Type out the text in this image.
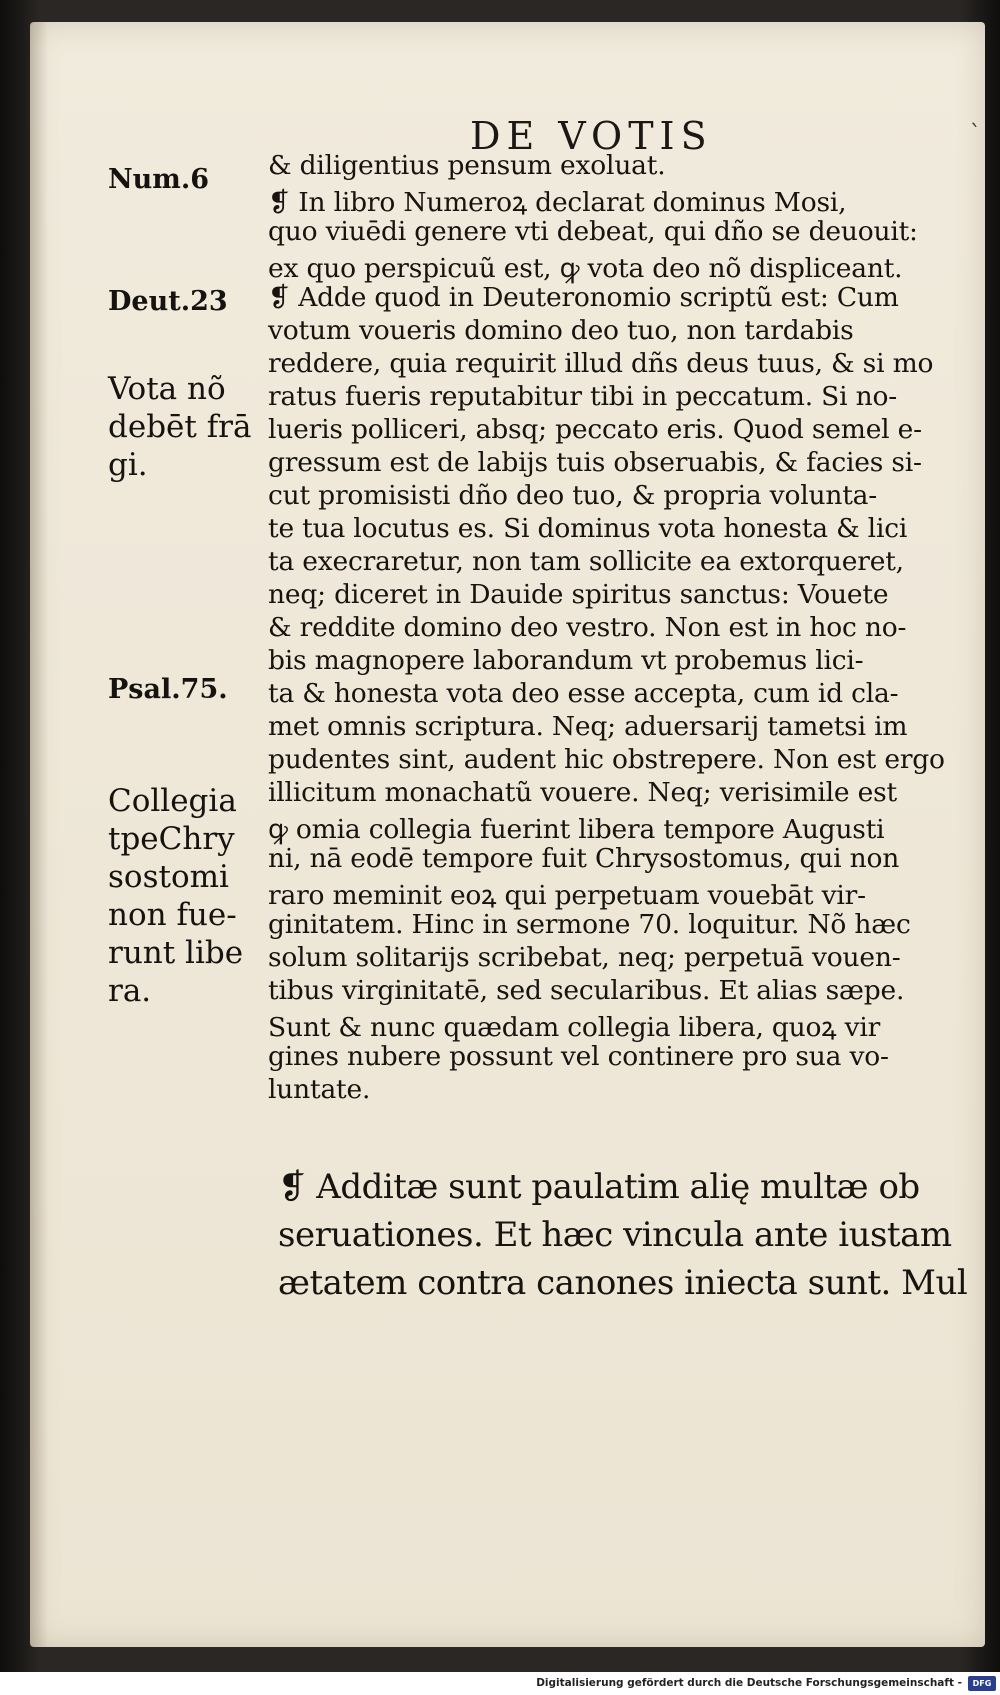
DE VOTIS	ˋ

Num.6

Deut.23

Vota nõ
debēt frā
gi.

Psal.75.

Collegia
tpeChry
sostomi
non fue-
runt libe
ra.

& diligentius pensum exoluat.

❡ In libro Numeroꝝ declarat dominus Mosi,

quo viuēdi genere vti debeat, qui dño se deuouit:

ex quo perspicuũ est, ꝙ vota deo nõ displiceant.

❡ Adde quod in Deuteronomio scriptũ est: Cum

votum voueris domino deo tuo, non tardabis

reddere, quia requirit illud dñs deus tuus, & si mo

ratus fueris reputabitur tibi in peccatum. Si no-

lueris polliceri, absq; peccato eris. Quod semel e-

gressum est de labijs tuis obseruabis, & facies si-

cut promisisti dño deo tuo, & propria volunta-

te tua locutus es. Si dominus vota honesta & lici

ta execraretur, non tam sollicite ea extorqueret,

neq; diceret in Dauide spiritus sanctus: Vouete

& reddite domino deo vestro. Non est in hoc no-

bis magnopere laborandum vt probemus lici-

ta & honesta vota deo esse accepta, cum id cla-

met omnis scriptura. Neq; aduersarij tametsi im

pudentes sint, audent hic obstrepere. Non est ergo

illicitum monachatũ vouere. Neq; verisimile est

ꝙ omia collegia fuerint libera tempore Augusti

ni, nā eodē tempore fuit Chrysostomus, qui non

raro meminit eoꝝ qui perpetuam vouebāt vir-

ginitatem. Hinc in sermone 70. loquitur. Nõ hæc

solum solitarijs scribebat, neq; perpetuā vouen-

tibus virginitatē, sed secularibus. Et alias sæpe.

Sunt & nunc quædam collegia libera, quoꝝ vir

gines nubere possunt vel continere pro sua vo-

luntate.

❡ Additæ sunt paulatim alię multæ ob

seruationes. Et hæc vincula ante iustam

ætatem contra canones iniecta sunt. Mul

Digitalisierung gefördert durch die Deutsche Forschungsgemeinschaft - DFG
